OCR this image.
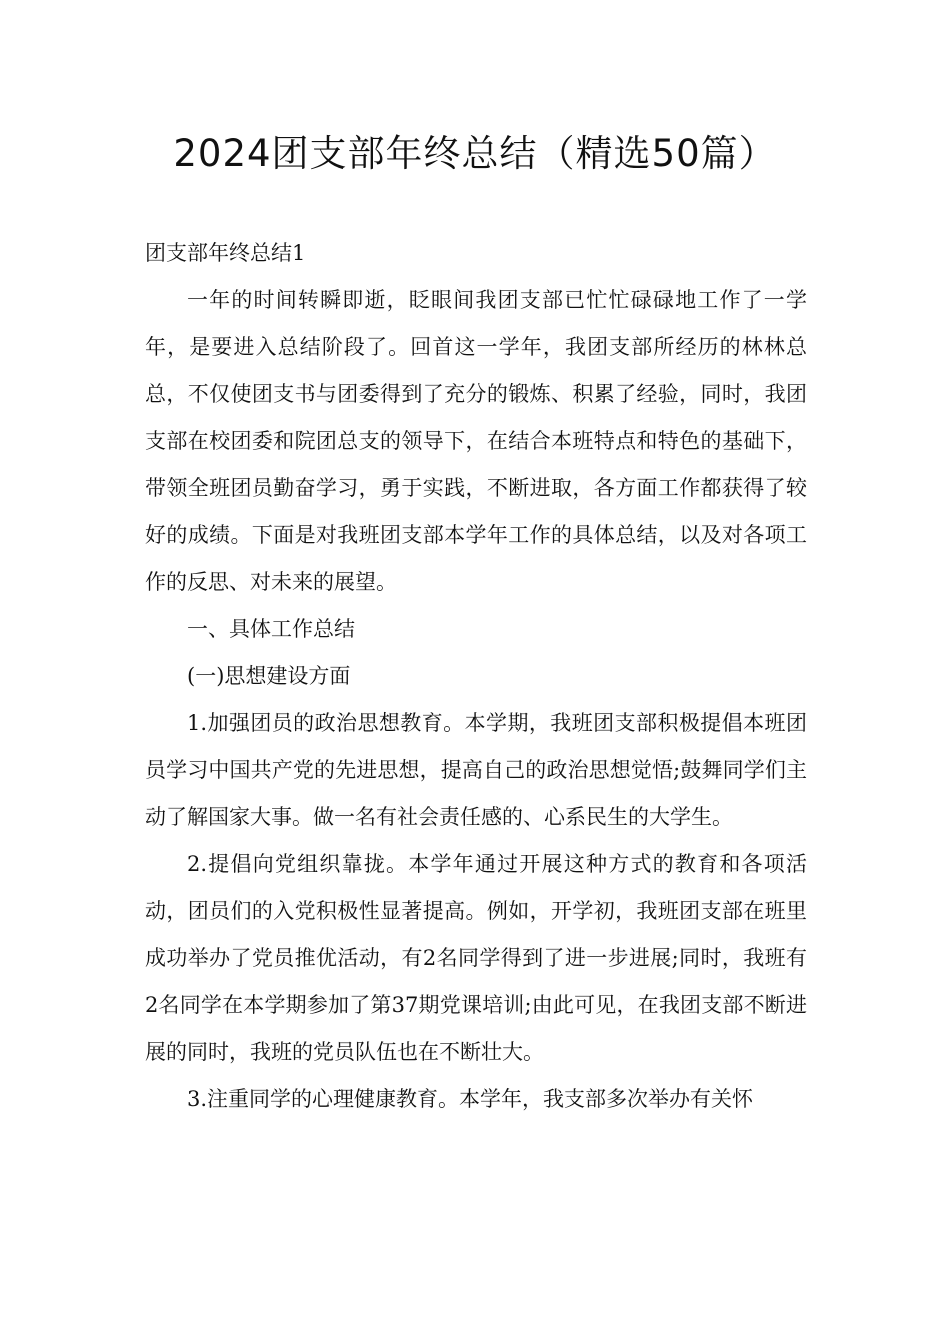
2024团支部年终总结（精选50篇）

团支部年终总结1

一年的时间转瞬即逝，眨眼间我团支部已忙忙碌碌地工作了一学年，是要进入总结阶段了。回首这一学年，我团支部所经历的林林总总，不仅使团支书与团委得到了充分的锻炼、积累了经验，同时，我团支部在校团委和院团总支的领导下，在结合本班特点和特色的基础下，带领全班团员勤奋学习，勇于实践，不断进取，各方面工作都获得了较好的成绩。下面是对我班团支部本学年工作的具体总结，以及对各项工作的反思、对未来的展望。

一、具体工作总结

(一)思想建设方面

1.加强团员的政治思想教育。本学期，我班团支部积极提倡本班团员学习中国共产党的先进思想，提高自己的政治思想觉悟;鼓舞同学们主动了解国家大事。做一名有社会责任感的、心系民生的大学生。

2.提倡向党组织靠拢。本学年通过开展这种方式的教育和各项活动，团员们的入党积极性显著提高。例如，开学初，我班团支部在班里成功举办了党员推优活动，有2名同学得到了进一步进展;同时，我班有2名同学在本学期参加了第37期党课培训;由此可见，在我团支部不断进展的同时，我班的党员队伍也在不断壮大。

3.注重同学的心理健康教育。本学年，我支部多次举办有关怀
